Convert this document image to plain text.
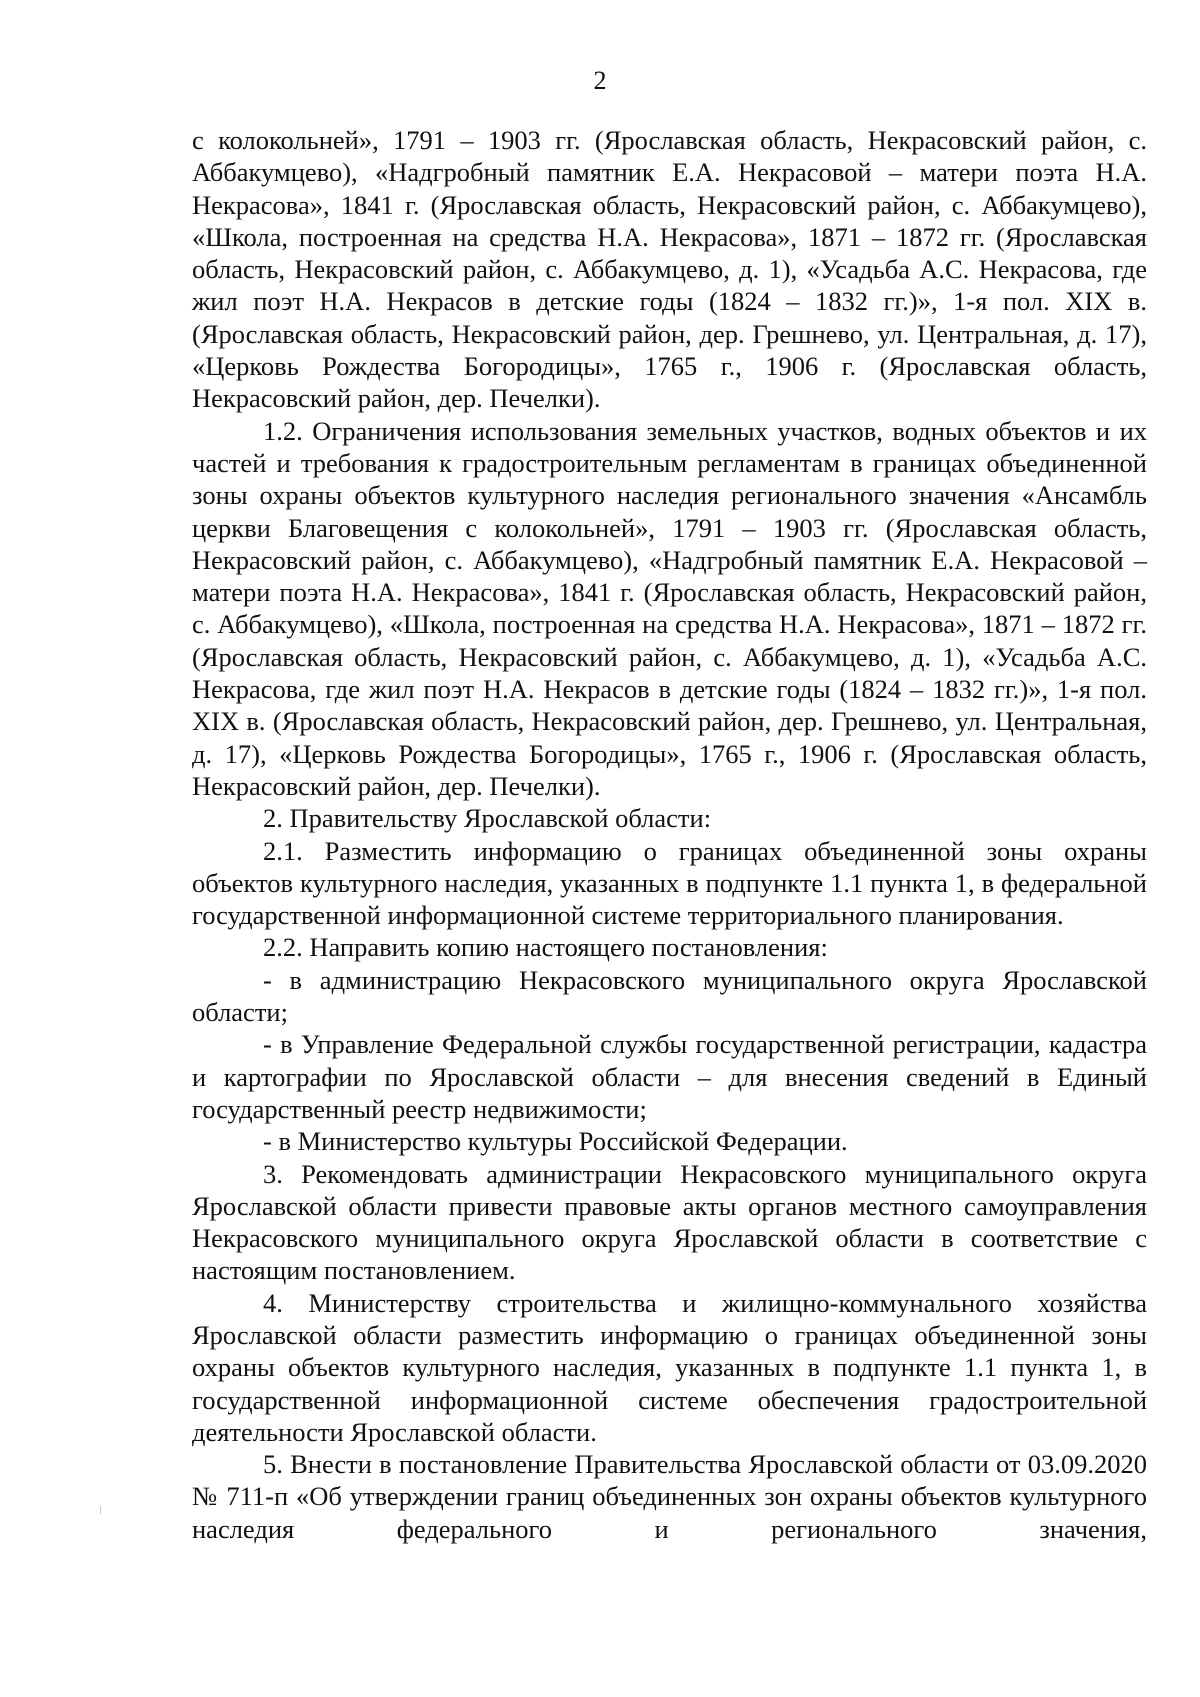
2

с колокольней», 1791 – 1903 гг. (Ярославская область, Некрасовский район, с. Аббакумцево), «Надгробный памятник Е.А. Некрасовой – матери поэта Н.А. Некрасова», 1841 г. (Ярославская область, Некрасовский район, с. Аббакумцево), «Школа, построенная на средства Н.А. Некрасова», 1871 – 1872 гг. (Ярославская область, Некрасовский район, с. Аббакумцево, д. 1), «Усадьба А.С. Некрасова, где жил поэт Н.А. Некрасов в детские годы (1824 – 1832 гг.)», 1-я пол. XIX в. (Ярославская область, Некрасовский район, дер. Грешнево, ул. Центральная, д. 17), «Церковь Рождества Богородицы», 1765 г., 1906 г. (Ярославская область, Некрасовский район, дер. Печелки).

1.2. Ограничения использования земельных участков, водных объектов и их частей и требования к градостроительным регламентам в границах объединенной зоны охраны объектов культурного наследия регионального значения «Ансамбль церкви Благовещения с колокольней», 1791 – 1903 гг. (Ярославская область, Некрасовский район, с. Аббакумцево), «Надгробный памятник Е.А. Некрасовой – матери поэта Н.А. Некрасова», 1841 г. (Ярославская область, Некрасовский район, с. Аббакумцево), «Школа, построенная на средства Н.А. Некрасова», 1871 – 1872 гг. (Ярославская область, Некрасовский район, с. Аббакумцево, д. 1), «Усадьба А.С. Некрасова, где жил поэт Н.А. Некрасов в детские годы (1824 – 1832 гг.)», 1-я пол. XIX в. (Ярославская область, Некрасовский район, дер. Грешнево, ул. Центральная, д. 17), «Церковь Рождества Богородицы», 1765 г., 1906 г. (Ярославская область, Некрасовский район, дер. Печелки).

2. Правительству Ярославской области:

2.1. Разместить информацию о границах объединенной зоны охраны объектов культурного наследия, указанных в подпункте 1.1 пункта 1, в федеральной государственной информационной системе территориального планирования.

2.2. Направить копию настоящего постановления:

- в администрацию Некрасовского муниципального округа Ярославской области;

- в Управление Федеральной службы государственной регистрации, кадастра и картографии по Ярославской области – для внесения сведений в Единый государственный реестр недвижимости;

- в Министерство культуры Российской Федерации.

3. Рекомендовать администрации Некрасовского муниципального округа Ярославской области привести правовые акты органов местного самоуправления Некрасовского муниципального округа Ярославской области в соответствие с настоящим постановлением.

4. Министерству строительства и жилищно-коммунального хозяйства Ярославской области разместить информацию о границах объединенной зоны охраны объектов культурного наследия, указанных в подпункте 1.1 пункта 1, в государственной информационной системе обеспечения градостроительной деятельности Ярославской области.

5. Внести в постановление Правительства Ярославской области от 03.09.2020 № 711-п «Об утверждении границ объединенных зон охраны объектов культурного наследия федерального и регионального значения,
